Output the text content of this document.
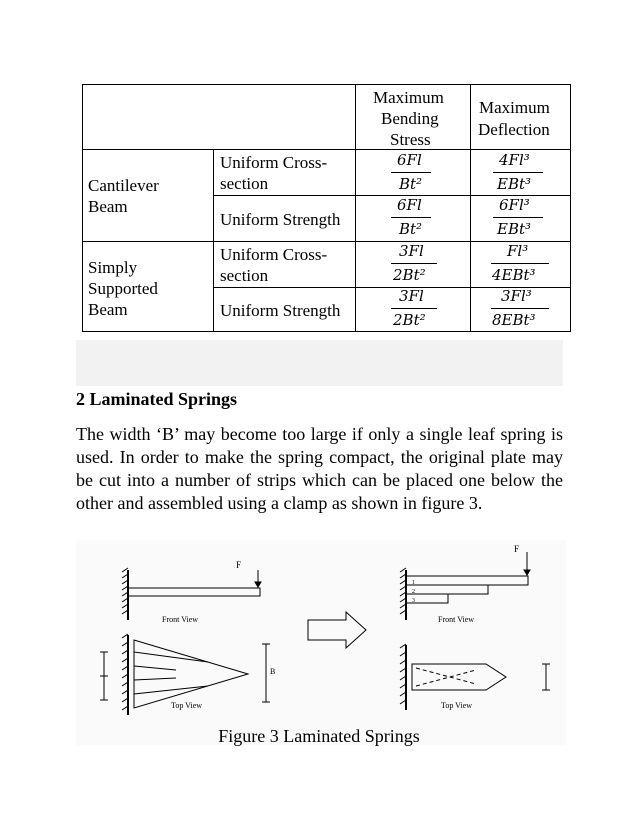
Maximum
Bending
Stress
Maximum
Deflection
Cantilever
Beam
Uniform Cross-
section
Uniform Strength
6Fl
Bt²
4Fl³
EBt³
6Fl
Bt²
6Fl³
EBt³
Simply
Supported
Beam
Uniform Cross-
section
Uniform Strength
3Fl
2Bt²
Fl³
4EBt³
3Fl
2Bt²
3Fl³
8EBt³
2 Laminated Springs
The width ‘B’ may become too large if only a single leaf spring is used. In order to make the spring compact, the original plate may be cut into a number of strips which can be placed one below the other and assembled using a clamp as shown in figure 3.
F
F
Front View	Front View
Top View	Top View
B
1
2
3
Figure 3 Laminated Springs
